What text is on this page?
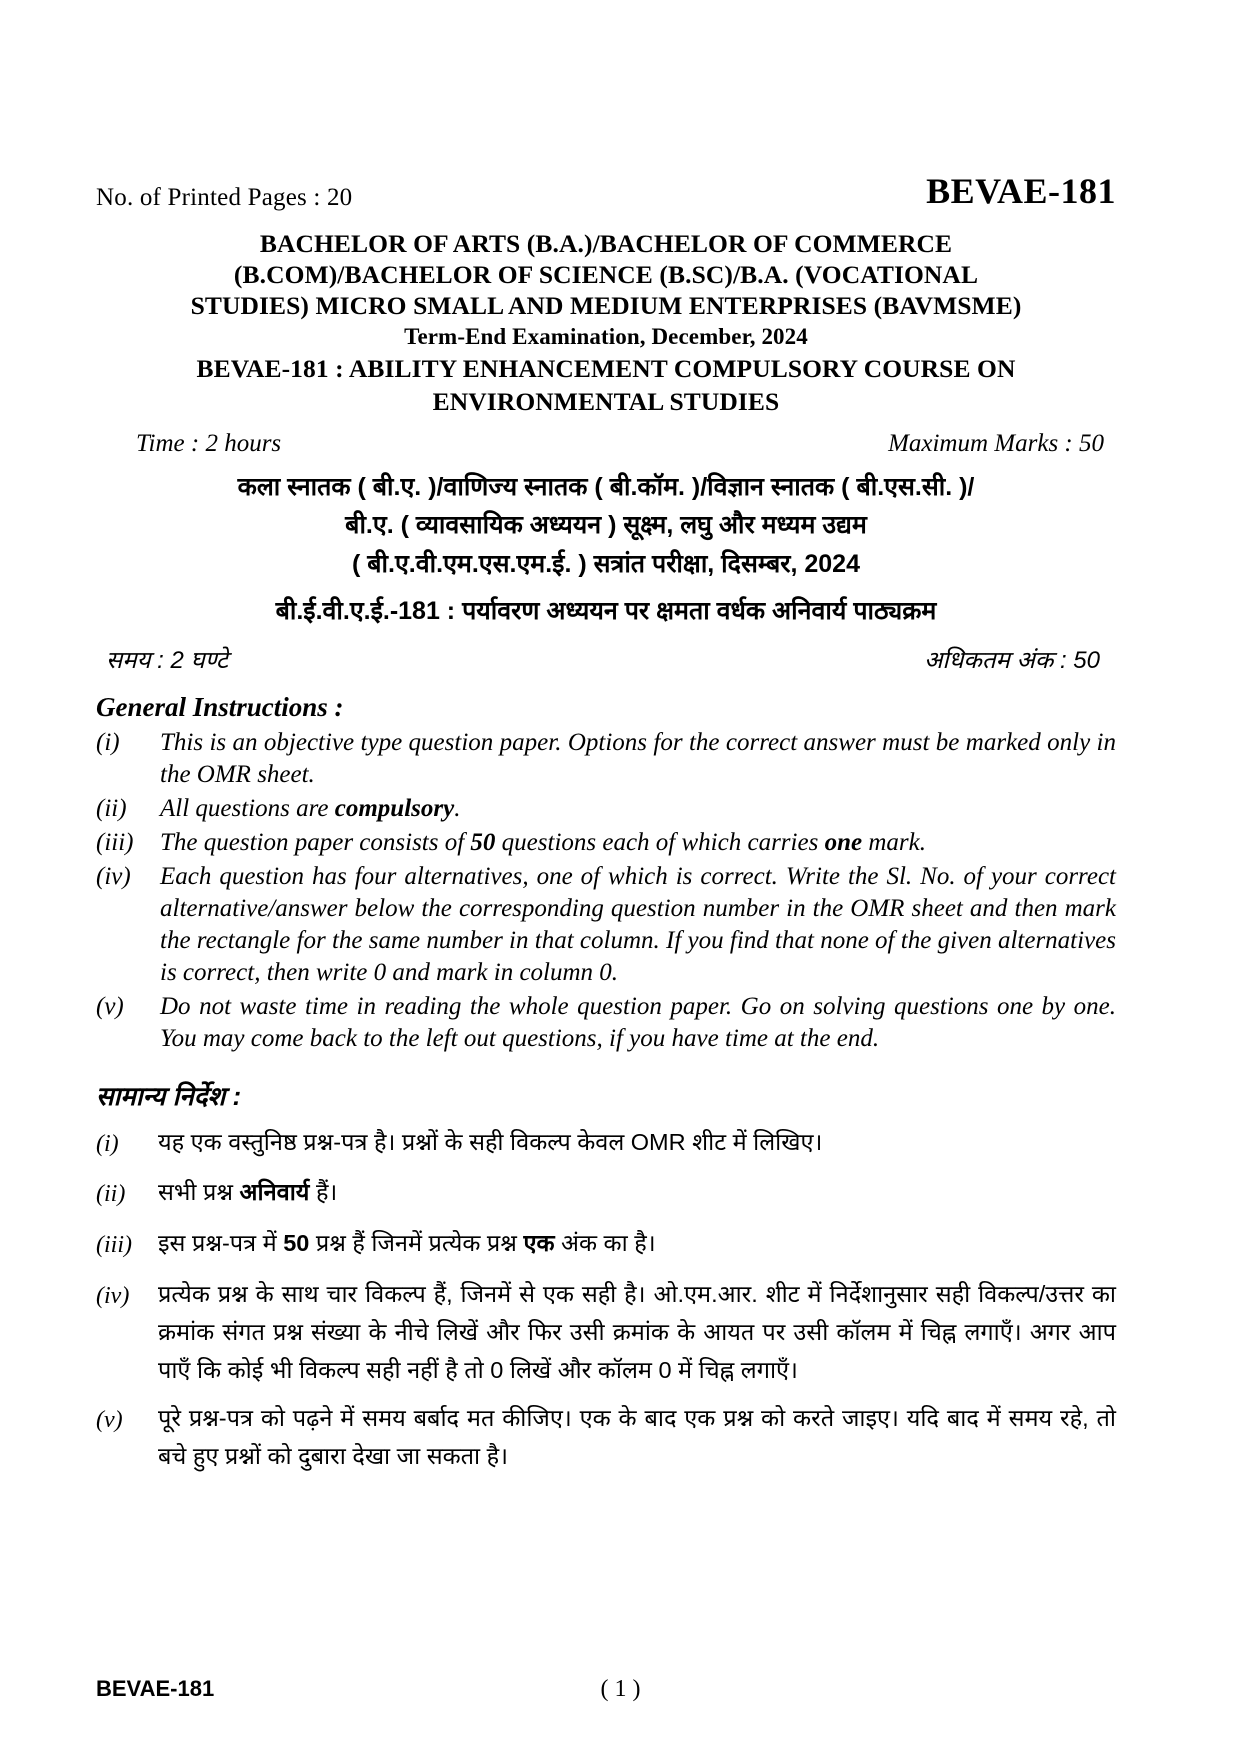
No. of Printed Pages : 20	BEVAE-181
BACHELOR OF ARTS (B.A.)/BACHELOR OF COMMERCE
(B.COM)/BACHELOR OF SCIENCE (B.SC)/B.A. (VOCATIONAL
STUDIES) MICRO SMALL AND MEDIUM ENTERPRISES (BAVMSME)
Term-End Examination, December, 2024
BEVAE-181 : ABILITY ENHANCEMENT COMPULSORY COURSE ON
ENVIRONMENTAL STUDIES
Time : 2 hours	Maximum Marks : 50
कला स्नातक ( बी.ए. )/वाणिज्य स्नातक ( बी.कॉम. )/विज्ञान स्नातक ( बी.एस.सी. )/
बी.ए. ( व्यावसायिक अध्ययन ) सूक्ष्म, लघु और मध्यम उद्यम
( बी.ए.वी.एम.एस.एम.ई. ) सत्रांत परीक्षा, दिसम्बर, 2024
बी.ई.वी.ए.ई.-181 : पर्यावरण अध्ययन पर क्षमता वर्धक अनिवार्य पाठ्यक्रम
समय : 2 घण्टे	अधिकतम अंक : 50
General Instructions :
(i)	This is an objective type question paper. Options for the correct answer must be marked only in the OMR sheet.
(ii)	All questions are compulsory.
(iii)	The question paper consists of 50 questions each of which carries one mark.
(iv)	Each question has four alternatives, one of which is correct. Write the Sl. No. of your correct alternative/answer below the corresponding question number in the OMR sheet and then mark the rectangle for the same number in that column. If you find that none of the given alternatives is correct, then write 0 and mark in column 0.
(v)	Do not waste time in reading the whole question paper. Go on solving questions one by one. You may come back to the left out questions, if you have time at the end.
सामान्य निर्देश :
(i)	यह एक वस्तुनिष्ठ प्रश्न-पत्र है। प्रश्नों के सही विकल्प केवल OMR शीट में लिखिए।
(ii)	सभी प्रश्न अनिवार्य हैं।
(iii)	इस प्रश्न-पत्र में 50 प्रश्न हैं जिनमें प्रत्येक प्रश्न एक अंक का है।
(iv)	प्रत्येक प्रश्न के साथ चार विकल्प हैं, जिनमें से एक सही है। ओ.एम.आर. शीट में निर्देशानुसार सही विकल्प/उत्तर का क्रमांक संगत प्रश्न संख्या के नीचे लिखें और फिर उसी क्रमांक के आयत पर उसी कॉलम में चिह्न लगाएँ। अगर आप पाएँ कि कोई भी विकल्प सही नहीं है तो 0 लिखें और कॉलम 0 में चिह्न लगाएँ।
(v)	पूरे प्रश्न-पत्र को पढ़ने में समय बर्बाद मत कीजिए। एक के बाद एक प्रश्न को करते जाइए। यदि बाद में समय रहे, तो बचे हुए प्रश्नों को दुबारा देखा जा सकता है।
BEVAE-181	( 1 )
